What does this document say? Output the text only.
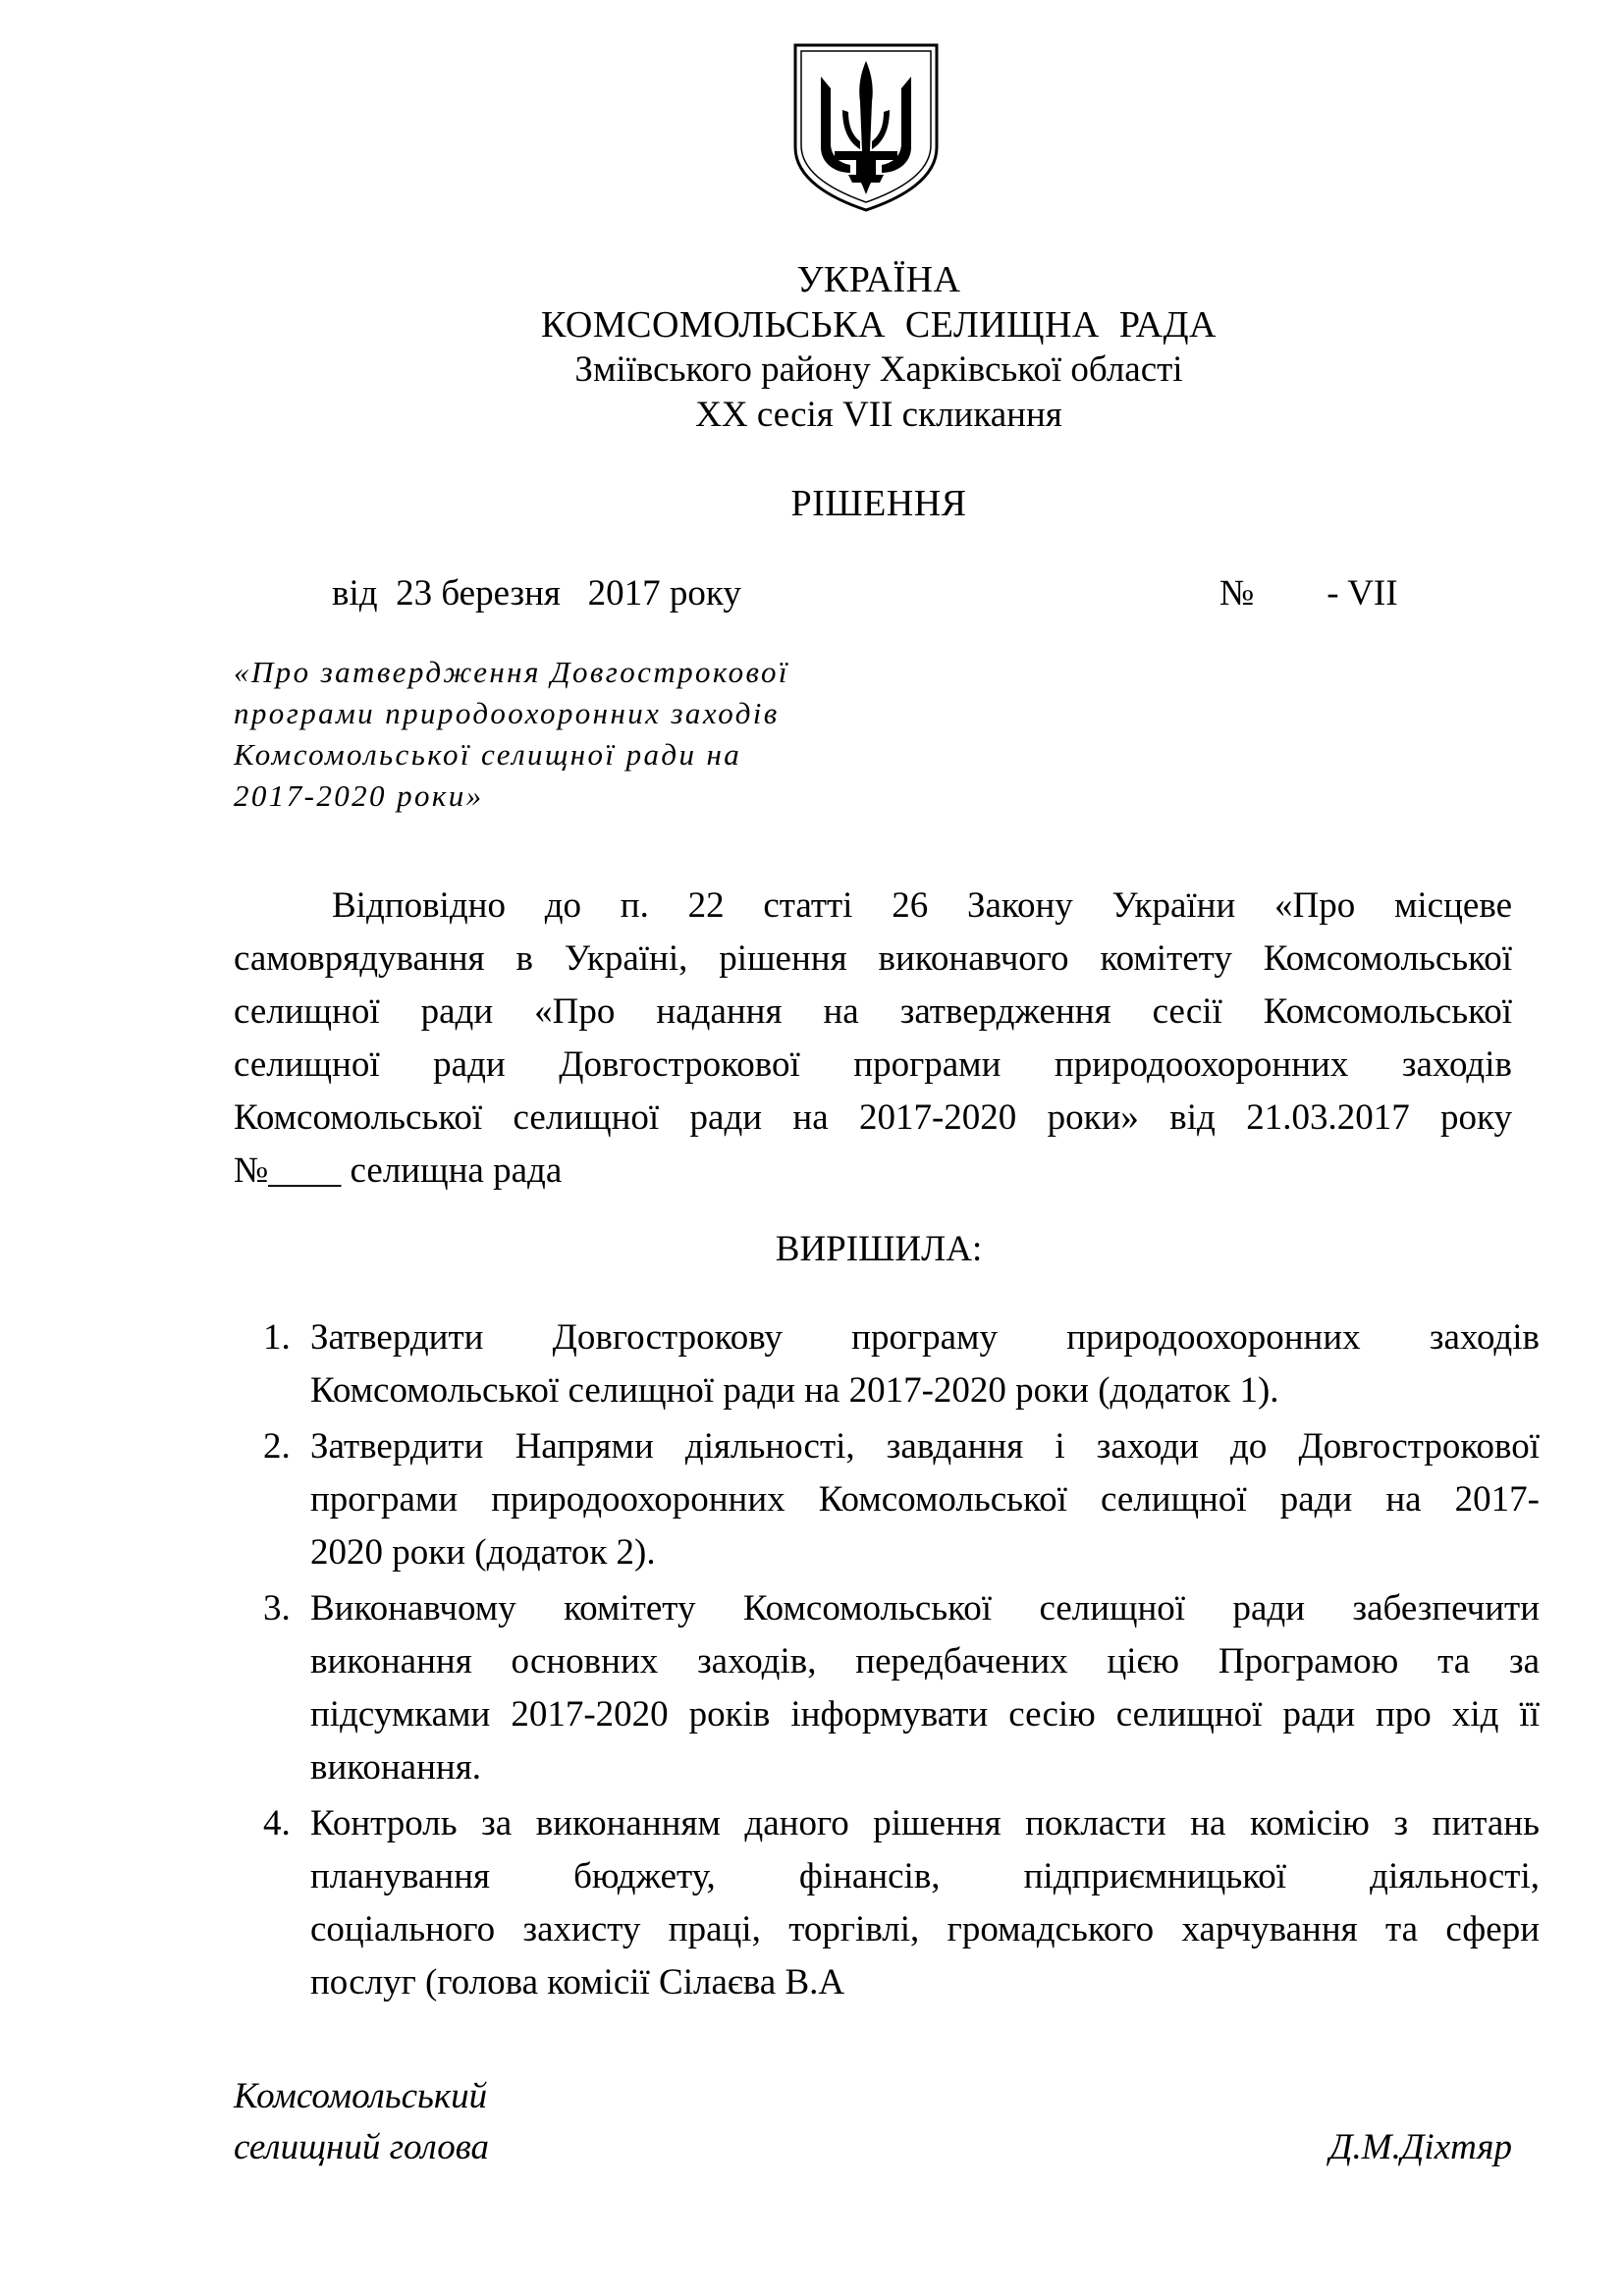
УКРАЇНА
КОМСОМОЛЬСЬКА  СЕЛИЩНА  РАДА
Зміївського району Харківської області
ХХ сесія VII скликання
РІШЕННЯ
від  23 березня   2017 року	№        - VII
«Про затвердження Довгострокової
програми природоохоронних заходів
Комсомольської селищної ради на
2017-2020 роки»
Відповідно до п. 22 статті 26 Закону України «Про місцеве
самоврядування в Україні, рішення виконавчого комітету Комсомольської
селищної ради «Про надання на затвердження сесії Комсомольської
селищної ради Довгострокової програми природоохоронних заходів
Комсомольської селищної ради на 2017-2020 роки» від 21.03.2017 року
№____ селищна рада
ВИРІШИЛА:
1. Затвердити Довгострокову програму природоохоронних заходів
Комсомольської селищної ради на 2017-2020 роки (додаток 1).
2. Затвердити Напрями діяльності, завдання і заходи до Довгострокової
програми природоохоронних Комсомольської селищної ради на 2017-
2020 роки (додаток 2).
3. Виконавчому комітету Комсомольської селищної ради забезпечити
виконання основних заходів, передбачених цією Програмою та за
підсумками 2017-2020 років інформувати сесію селищної ради про хід її
виконання.
4. Контроль за виконанням даного рішення покласти на комісію з питань
планування бюджету, фінансів, підприємницької діяльності,
соціального захисту праці, торгівлі, громадського харчування та сфери
послуг (голова комісії Сілаєва В.А
Комсомольський
селищний голова	Д.М.Діхтяр
